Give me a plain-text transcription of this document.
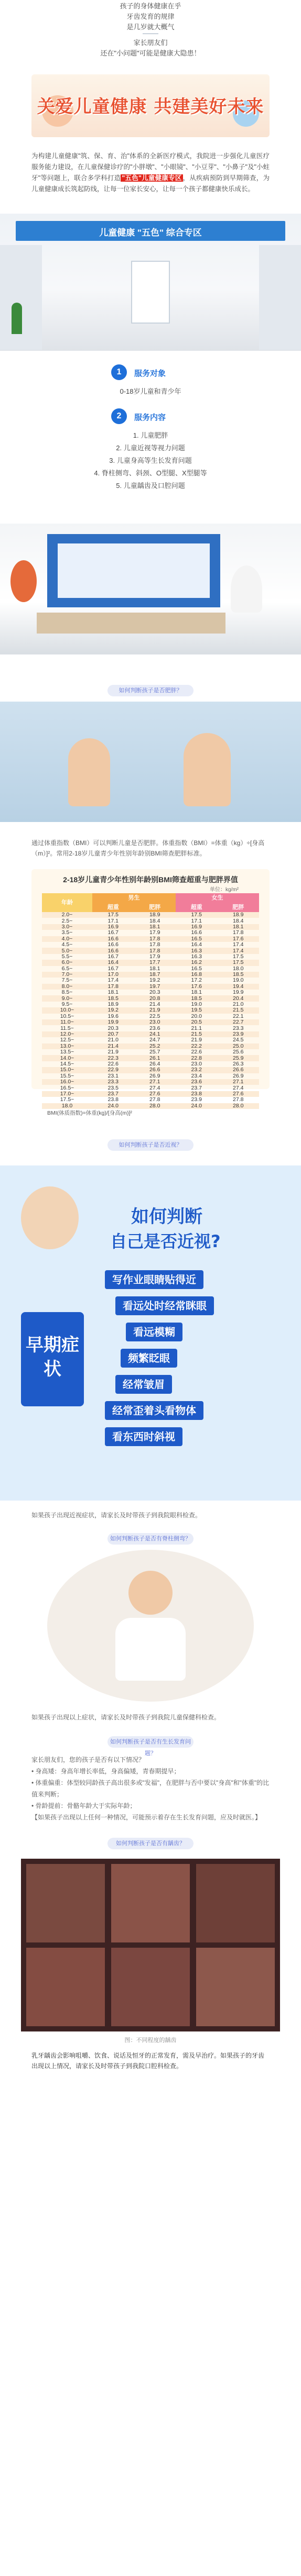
孩子的身体健康在乎
牙齿发育的规律
是几岁就大概气
家长朋友们
还在"小问题"可能是健康大隐患！
关爱儿童健康 共建美好未来
为构建儿童健康"筑、保、育、治"体系的全新医疗模式，我院进一步强化儿童医疗服务能力建设，在儿童保健诊疗的"小胖墩"、"小眼镜"、"小豆芽"、"小鼻子"及"小蛀牙"等问题上，联合多学科打造 "五色"儿童健康专区 ，从疾病预防到早期筛查，为儿童健康成长筑起防线，让每一位家长安心，让每一个孩子都健康快乐成长。
儿童健康 "五色" 综合专区
1	服务对象
0-18岁儿童和青少年
2	服务内容
1. 儿童肥胖
2. 儿童近视等视力问题
3. 儿童身高等生长发育问题
4. 脊柱侧弯、斜颈、O型腿、X型腿等
5. 儿童龋齿及口腔问题
如何判断孩子是否肥胖？
通过体重指数（BMI）可以判断儿童是否肥胖。体重指数（BMI）=体重（kg）÷[身高（m）]²。常用2-18岁儿童青少年性别年龄别BMI筛查肥胖标准。
2-18岁儿童青少年性别年龄别BMI筛查超重与肥胖界值
单位：kg/m²
年龄	男生		女生	
	超重	肥胖	超重	肥胖
2.0~	17.5	18.9	17.5	18.9
2.5~	17.1	18.4	17.1	18.4
3.0~	16.9	18.1	16.9	18.1
3.5~	16.7	17.9	16.6	17.8
4.0~	16.6	17.8	16.5	17.6
4.5~	16.6	17.8	16.4	17.4
5.0~	16.6	17.8	16.3	17.4
5.5~	16.7	17.9	16.3	17.5
6.0~	16.4	17.7	16.2	17.5
6.5~	16.7	18.1	16.5	18.0
7.0~	17.0	18.7	16.8	18.5
7.5~	17.4	19.2	17.2	19.0
8.0~	17.8	19.7	17.6	19.4
8.5~	18.1	20.3	18.1	19.9
9.0~	18.5	20.8	18.5	20.4
9.5~	18.9	21.4	19.0	21.0
10.0~	19.2	21.9	19.5	21.5
10.5~	19.6	22.5	20.0	22.1
11.0~	19.9	23.0	20.5	22.7
11.5~	20.3	23.6	21.1	23.3
12.0~	20.7	24.1	21.5	23.9
12.5~	21.0	24.7	21.9	24.5
13.0~	21.4	25.2	22.2	25.0
13.5~	21.9	25.7	22.6	25.6
14.0~	22.3	26.1	22.8	25.9
14.5~	22.6	26.4	23.0	26.3
15.0~	22.9	26.6	23.2	26.6
15.5~	23.1	26.9	23.4	26.9
16.0~	23.3	27.1	23.6	27.1
16.5~	23.5	27.4	23.7	27.4
17.0~	23.7	27.6	23.8	27.6
17.5~	23.8	27.8	23.9	27.8
18.0	24.0	28.0	24.0	28.0
BMI(体质指数)=体重(kg)/[身高(m)]²
如何判断孩子是否近视？
如何判断
自己是否近视?
早期症状
写作业眼睛贴得近
看远处时经常眯眼
看远模糊
频繁眨眼
经常皱眉
经常歪着头看物体
看东西时斜视
如果孩子出现近视症状，请家长及时带孩子到我院眼科检查。
如何判断孩子是否有脊柱侧弯？
如果孩子出现以上症状，请家长及时带孩子到我院儿童保健科检查。
如何判断孩子是否有生长发育问题？
家长朋友们，您的孩子是否有以下情况？
• 身高矮：身高年增长率低，身高偏矮，青春期提早；
• 体重偏重：体型较同龄孩子高出很多或"发福"，在肥胖与否中要以"身高"和"体重"的比值来判断；
• 骨龄提前：骨骼年龄大于实际年龄；
【如果孩子出现以上任何一种情况，可能预示着存在生长发育问题，应及时就医。】
如何判断孩子是否有龋齿？
图：不同程度的龋齿
乳牙龋齿会影响咀嚼、饮食、说话及恒牙的正常发育，需及早治疗。如果孩子的牙齿出现以上情况，请家长及时带孩子到我院口腔科检查。
